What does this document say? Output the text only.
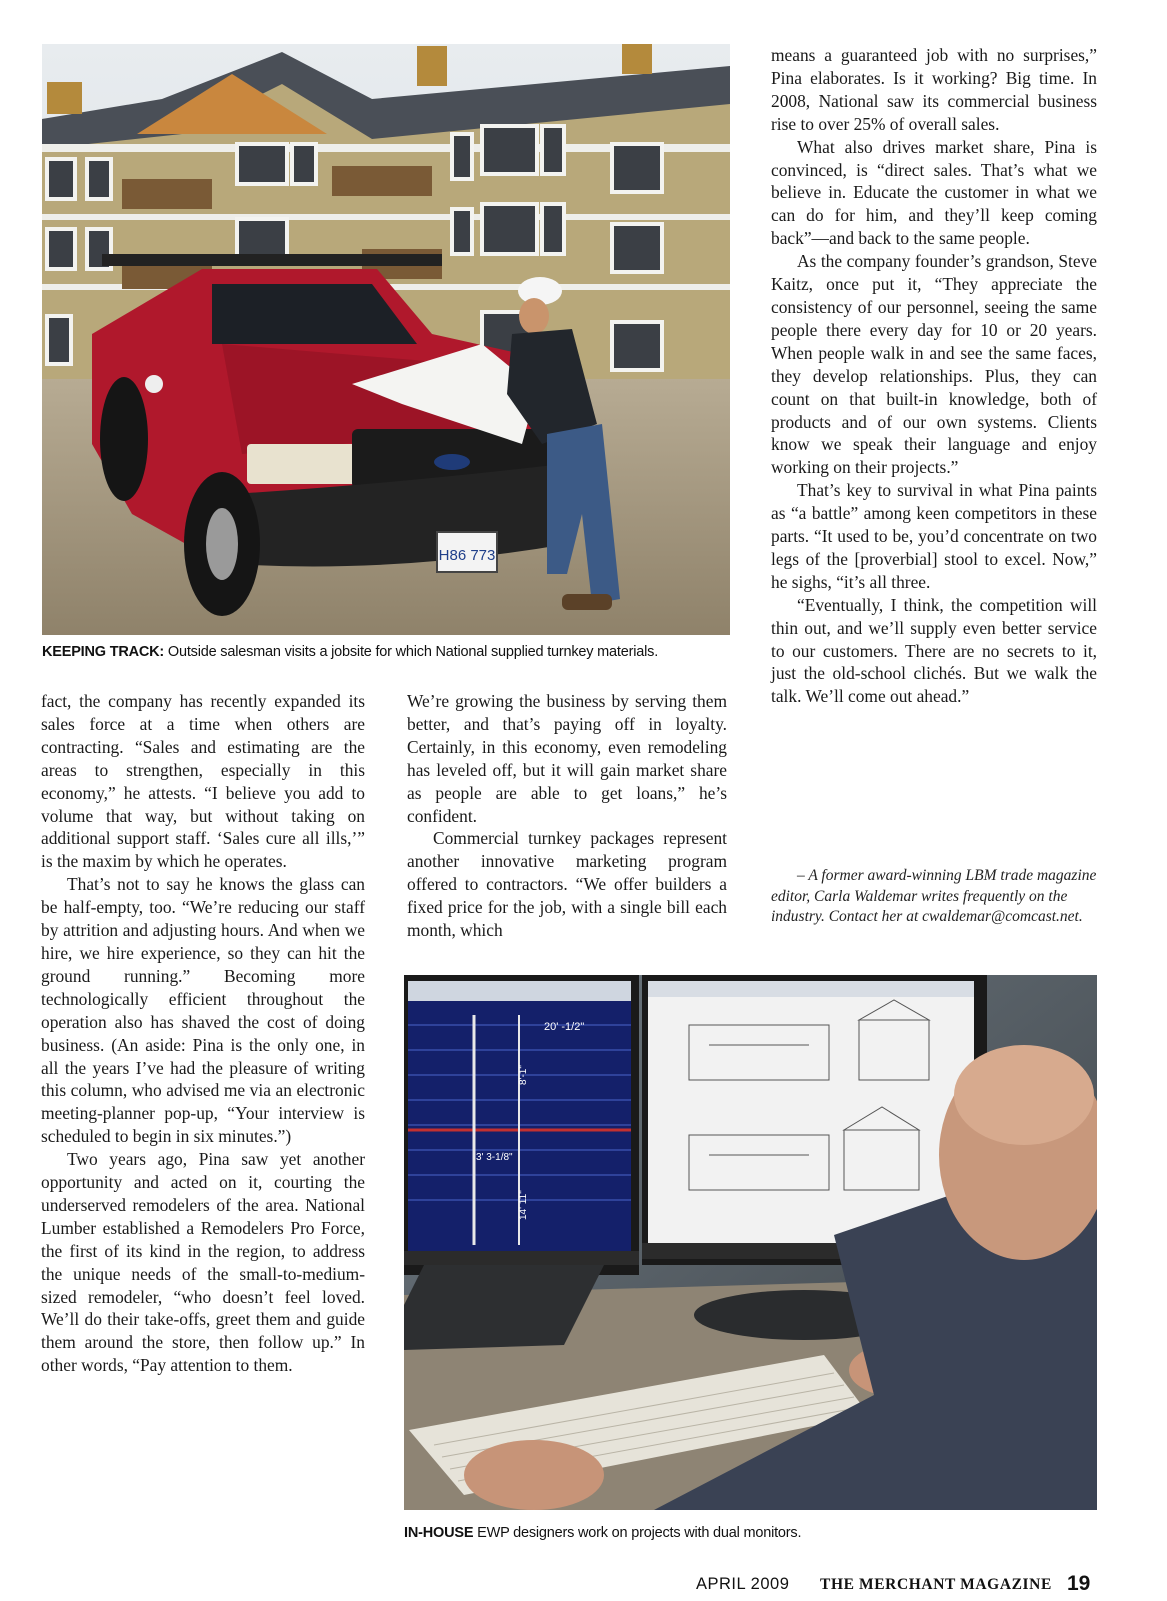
H86 773
KEEPING TRACK: Outside salesman visits a jobsite for which National supplied turnkey materials.

fact, the company has recently expanded its sales force at a time when others are contracting. “Sales and estimating are the areas to strengthen, especially in this economy,” he attests. “I believe you add to volume that way, but without taking on additional support staff. ‘Sales cure all ills,’” is the maxim by which he operates.

That’s not to say he knows the glass can be half-empty, too. “We’re reducing our staff by attrition and adjusting hours. And when we hire, we hire experience, so they can hit the ground running.” Becoming more technologically efficient throughout the operation also has shaved the cost of doing business. (An aside: Pina is the only one, in all the years I’ve had the pleasure of writing this column, who advised me via an electronic meeting-planner pop-up, “Your interview is scheduled to begin in six minutes.”)

Two years ago, Pina saw yet another opportunity and acted on it, courting the underserved remodelers of the area. National Lumber established a Remodelers Pro Force, the first of its kind in the region, to address the unique needs of the small-to-medium-sized remodeler, “who doesn’t feel loved. We’ll do their take-offs, greet them and guide them around the store, then follow up.” In other words, “Pay attention to them.

We’re growing the business by serving them better, and that’s paying off in loyalty. Certainly, in this economy, even remodeling has leveled off, but it will gain market share as people are able to get loans,” he’s confident.

Commercial turnkey packages represent another innovative marketing program offered to contractors. “We offer builders a fixed price for the job, with a single bill each month, which

means a guaranteed job with no surprises,” Pina elaborates. Is it working? Big time. In 2008, National saw its commercial business rise to over 25% of overall sales.

What also drives market share, Pina is convinced, is “direct sales. That’s what we believe in. Educate the customer in what we can do for him, and they’ll keep coming back”—and back to the same people.

As the company founder’s grandson, Steve Kaitz, once put it, “They appreciate the consistency of our personnel, seeing the same people there every day for 10 or 20 years. When people walk in and see the same faces, they develop relationships. Plus, they can count on that built-in knowledge, both of products and of our own systems. Clients know we speak their language and enjoy working on their projects.”

That’s key to survival in what Pina paints as “a battle” among keen competitors in these parts. “It used to be, you’d concentrate on two legs of the [proverbial] stool to excel. Now,” he sighs, “it’s all three.

“Eventually, I think, the competition will thin out, and we’ll supply even better service to our customers. There are no secrets to it, just the old-school clichés. But we walk the talk. We’ll come out ahead.”

– A former award-winning LBM trade magazine editor, Carla Waldemar writes frequently on the industry. Contact her at cwaldemar@comcast.net.
20' -1/2"
8'-1"
3' 3-1/8"
14' 11"
IN-HOUSE EWP designers work on projects with dual monitors.
APRIL 2009 THE MERCHANT MAGAZINE 19
